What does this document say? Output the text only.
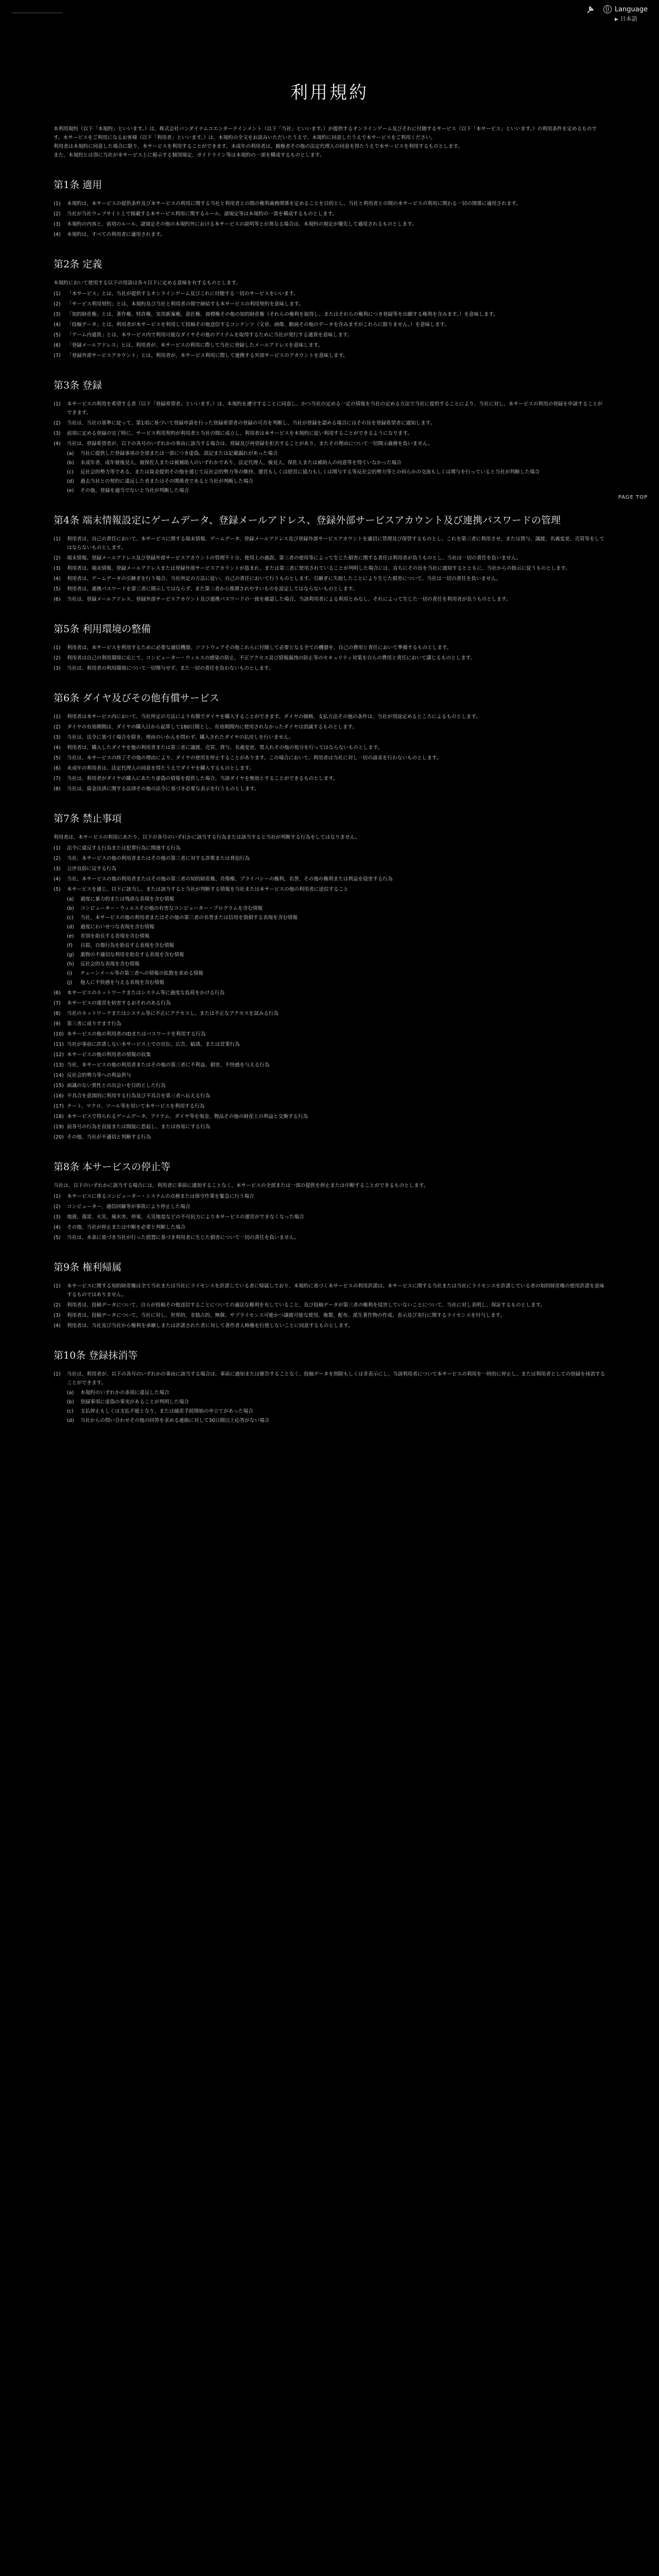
Language
▶ 日本語
利用規約
PAGE TOP

本利用規約（以下「本規約」といいます。）は、株式会社バンダイナムコエンターテインメント（以下「当社」といいます。）が提供するオンラインゲーム及びそれに付随するサービス（以下「本サービス」といいます。）の利用条件を定めるものです。本サービスをご利用になるお客様（以下「利用者」といいます。）は、本規約の全文をお読みいただいたうえで、本規約に同意したうえで本サービスをご利用ください。

利用者は本規約に同意した場合に限り、本サービスを利用することができます。未成年の利用者は、親権者その他の法定代理人の同意を得たうえで本サービスを利用するものとします。

また、本規約とは別に当社が本サービス上に掲示する個別規定、ガイドライン等は本規約の一部を構成するものとします。

第1条 適用
(1) 本規約は、本サービスの提供条件及び本サービスの利用に関する当社と利用者との間の権利義務関係を定めることを目的とし、当社と利用者との間の本サービスの利用に関わる一切の関係に適用されます。
(2) 当社が当社ウェブサイト上で掲載する本サービス利用に関するルール、諸規定等は本規約の一部を構成するものとします。
(3) 本規約の内容と、前項のルール、諸規定その他の本規約外における本サービスの説明等とが異なる場合は、本規約の規定が優先して適用されるものとします。
(4) 本規約は、すべての利用者に適用されます。
第2条 定義

本規約において使用する以下の用語は各々以下に定める意味を有するものとします。

(1) 「本サービス」とは、当社が提供するオンラインゲーム及びこれに付随する一切のサービスをいいます。
(2) 「サービス利用契約」とは、本規約及び当社と利用者の間で締結する本サービスの利用契約を意味します。
(3) 「知的財産権」とは、著作権、特許権、実用新案権、意匠権、商標権その他の知的財産権（それらの権利を取得し、またはそれらの権利につき登録等を出願する権利を含みます。）を意味します。
(4) 「投稿データ」とは、利用者が本サービスを利用して投稿その他送信するコンテンツ（文章、画像、動画その他のデータを含みますがこれらに限りません。）を意味します。
(5) 「ゲーム内通貨」とは、本サービス内で利用可能なダイヤその他のアイテムを取得するために当社が発行する通貨を意味します。
(6) 「登録メールアドレス」とは、利用者が、本サービスの利用に際して当社に登録したメールアドレスを意味します。
(7) 「登録外部サービスアカウント」とは、利用者が、本サービス利用に際して連携する外部サービスのアカウントを意味します。
第3条 登録
(1) 本サービスの利用を希望する者（以下「登録希望者」といいます。）は、本規約を遵守することに同意し、かつ当社の定める一定の情報を当社の定める方法で当社に提供することにより、当社に対し、本サービスの利用の登録を申請することができます。
(2) 当社は、当社の基準に従って、第1項に基づいて登録申請を行った登録希望者の登録の可否を判断し、当社が登録を認める場合にはその旨を登録希望者に通知します。
(3) 前項に定める登録の完了時に、サービス利用契約が利用者と当社の間に成立し、利用者は本サービスを本規約に従い利用することができるようになります。
(4) 当社は、登録希望者が、以下の各号のいずれかの事由に該当する場合は、登録及び再登録を拒否することがあり、またその理由について一切開示義務を負いません。
(a) 当社に提供した登録事項の全部または一部につき虚偽、誤記または記載漏れがあった場合
(b) 未成年者、成年被後見人、被保佐人または被補助人のいずれかであり、法定代理人、後見人、保佐人または補助人の同意等を得ていなかった場合
(c) 反社会的勢力等である、または資金提供その他を通じて反社会的勢力等の維持、運営もしくは経営に協力もしくは関与する等反社会的勢力等との何らかの交流もしくは関与を行っていると当社が判断した場合
(d) 過去当社との契約に違反した者またはその関係者であると当社が判断した場合
(e) その他、登録を適当でないと当社が判断した場合
第4条 端末情報設定にゲームデータ、登録メールアドレス、登録外部サービスアカウント及び連携パスワードの管理
(1) 利用者は、自己の責任において、本サービスに関する端末情報、ゲームデータ、登録メールアドレス及び登録外部サービスアカウントを適切に管理及び保管するものとし、これを第三者に利用させ、または貸与、譲渡、名義変更、売買等をしてはならないものとします。
(2) 端末情報、登録メールアドレス及び登録外部サービスアカウントの管理不十分、使用上の過誤、第三者の使用等によって生じた損害に関する責任は利用者が負うものとし、当社は一切の責任を負いません。
(3) 利用者は、端末情報、登録メールアドレスまたは登録外部サービスアカウントが盗まれ、または第三者に使用されていることが判明した場合には、直ちにその旨を当社に通知するとともに、当社からの指示に従うものとします。
(4) 利用者は、ゲームデータの引継ぎを行う場合、当社所定の方法に従い、自己の責任において行うものとします。引継ぎに失敗したことにより生じた損害について、当社は一切の責任を負いません。
(5) 利用者は、連携パスワードを第三者に開示してはならず、また第三者から推測されやすいものを設定してはならないものとします。
(6) 当社は、登録メールアドレス、登録外部サービスアカウント及び連携パスワードの一致を確認した場合、当該利用者による利用とみなし、それによって生じた一切の責任を利用者が負うものとします。
第5条 利用環境の整備
(1) 利用者は、本サービスを利用するために必要な通信機器、ソフトウェアその他これらに付随して必要となる全ての機器を、自己の費用と責任において準備するものとします。
(2) 利用者は自己の利用環境に応じて、コンピューター・ウィルスの感染の防止、不正アクセス及び情報漏洩の防止等のセキュリティ対策を自らの費用と責任において講じるものとします。
(3) 当社は、利用者の利用環境について一切関与せず、また一切の責任を負わないものとします。
第6条 ダイヤ及びその他有償サービス
(1) 利用者は本サービス内において、当社所定の方法により有償でダイヤを購入することができます。ダイヤの価格、支払方法その他の条件は、当社が別途定めるところによるものとします。
(2) ダイヤの有効期間は、ダイヤの購入日から起算して180日間とし、有効期間内に使用されなかったダイヤは消滅するものとします。
(3) 当社は、法令に基づく場合を除き、理由のいかんを問わず、購入されたダイヤの払戻しを行いません。
(4) 利用者は、購入したダイヤを他の利用者または第三者に譲渡、売買、貸与、名義変更、質入れその他の処分を行ってはならないものとします。
(5) 当社は、本サービスの終了その他の理由により、ダイヤの使用を停止することがあります。この場合において、利用者は当社に対し一切の請求を行わないものとします。
(6) 未成年の利用者は、法定代理人の同意を得たうえでダイヤを購入するものとします。
(7) 当社は、利用者がダイヤの購入にあたり虚偽の情報を提供した場合、当該ダイヤを無効とすることができるものとします。
(8) 当社は、資金決済に関する法律その他の法令に基づき必要な表示を行うものとします。
第7条 禁止事項

利用者は、本サービスの利用にあたり、以下の各号のいずれかに該当する行為または該当すると当社が判断する行為をしてはなりません。

(1) 法令に違反する行為または犯罪行為に関連する行為
(2) 当社、本サービスの他の利用者またはその他の第三者に対する詐欺または脅迫行為
(3) 公序良俗に反する行為
(4) 当社、本サービスの他の利用者またはその他の第三者の知的財産権、肖像権、プライバシーの権利、名誉、その他の権利または利益を侵害する行為
(5) 本サービスを通じ、以下に該当し、または該当すると当社が判断する情報を当社または本サービスの他の利用者に送信すること
(a) 過度に暴力的または残虐な表現を含む情報
(b) コンピューター・ウィルスその他の有害なコンピューター・プログラムを含む情報
(c) 当社、本サービスの他の利用者またはその他の第三者の名誉または信用を毀損する表現を含む情報
(d) 過度にわいせつな表現を含む情報
(e) 差別を助長する表現を含む情報
(f) 自殺、自傷行為を助長する表現を含む情報
(g) 薬物の不適切な利用を助長する表現を含む情報
(h) 反社会的な表現を含む情報
(i) チェーンメール等の第三者への情報の拡散を求める情報
(j) 他人に不快感を与える表現を含む情報
(6) 本サービスのネットワークまたはシステム等に過度な負荷をかける行為
(7) 本サービスの運営を妨害するおそれのある行為
(8) 当社のネットワークまたはシステム等に不正にアクセスし、または不正なアクセスを試みる行為
(9) 第三者に成りすます行為
(10) 本サービスの他の利用者のIDまたはパスワードを利用する行為
(11) 当社が事前に許諾しない本サービス上での宣伝、広告、勧誘、または営業行為
(12) 本サービスの他の利用者の情報の収集
(13) 当社、本サービスの他の利用者またはその他の第三者に不利益、損害、不快感を与える行為
(14) 反社会的勢力等への利益供与
(15) 面識のない異性との出会いを目的とした行為
(16) 不具合を意図的に利用する行為及び不具合を第三者へ伝える行為
(17) チート、マクロ、ツール等を用いて本サービスを利用する行為
(18) 本サービスで得られるゲームデータ、アイテム、ダイヤ等を現金、物品その他の財産上の利益と交換する行為
(19) 前各号の行為を直接または間接に惹起し、または容易にする行為
(20) その他、当社が不適切と判断する行為
第8条 本サービスの停止等

当社は、以下のいずれかに該当する場合には、利用者に事前に通知することなく、本サービスの全部または一部の提供を停止または中断することができるものとします。

(1) 本サービスに係るコンピューター・システムの点検または保守作業を緊急に行う場合
(2) コンピューター、通信回線等が事故により停止した場合
(3) 地震、落雷、火災、風水害、停電、天災地変などの不可抗力により本サービスの運営ができなくなった場合
(4) その他、当社が停止または中断を必要と判断した場合
(5) 当社は、本条に基づき当社が行った措置に基づき利用者に生じた損害について一切の責任を負いません。
第9条 権利帰属
(1) 本サービスに関する知的財産権は全て当社または当社にライセンスを許諾している者に帰属しており、本規約に基づく本サービスの利用許諾は、本サービスに関する当社または当社にライセンスを許諾している者の知的財産権の使用許諾を意味するものではありません。
(2) 利用者は、投稿データについて、自らが投稿その他送信することについての適法な権利を有していること、及び投稿データが第三者の権利を侵害していないことについて、当社に対し表明し、保証するものとします。
(3) 利用者は、投稿データについて、当社に対し、世界的、非独占的、無償、サブライセンス可能かつ譲渡可能な使用、複製、配布、派生著作物の作成、表示及び実行に関するライセンスを付与します。
(4) 利用者は、当社及び当社から権利を承継しまたは許諾された者に対して著作者人格権を行使しないことに同意するものとします。
第10条 登録抹消等
(1) 当社は、利用者が、以下の各号のいずれかの事由に該当する場合は、事前に通知または催告することなく、投稿データを削除もしくは非表示にし、当該利用者について本サービスの利用を一時的に停止し、または利用者としての登録を抹消することができます。
(a) 本規約のいずれかの条項に違反した場合
(b) 登録事項に虚偽の事実があることが判明した場合
(c) 支払停止もしくは支払不能となり、または破産手続開始の申立てがあった場合
(d) 当社からの問い合わせその他の回答を求める連絡に対して30日間以上応答がない場合
